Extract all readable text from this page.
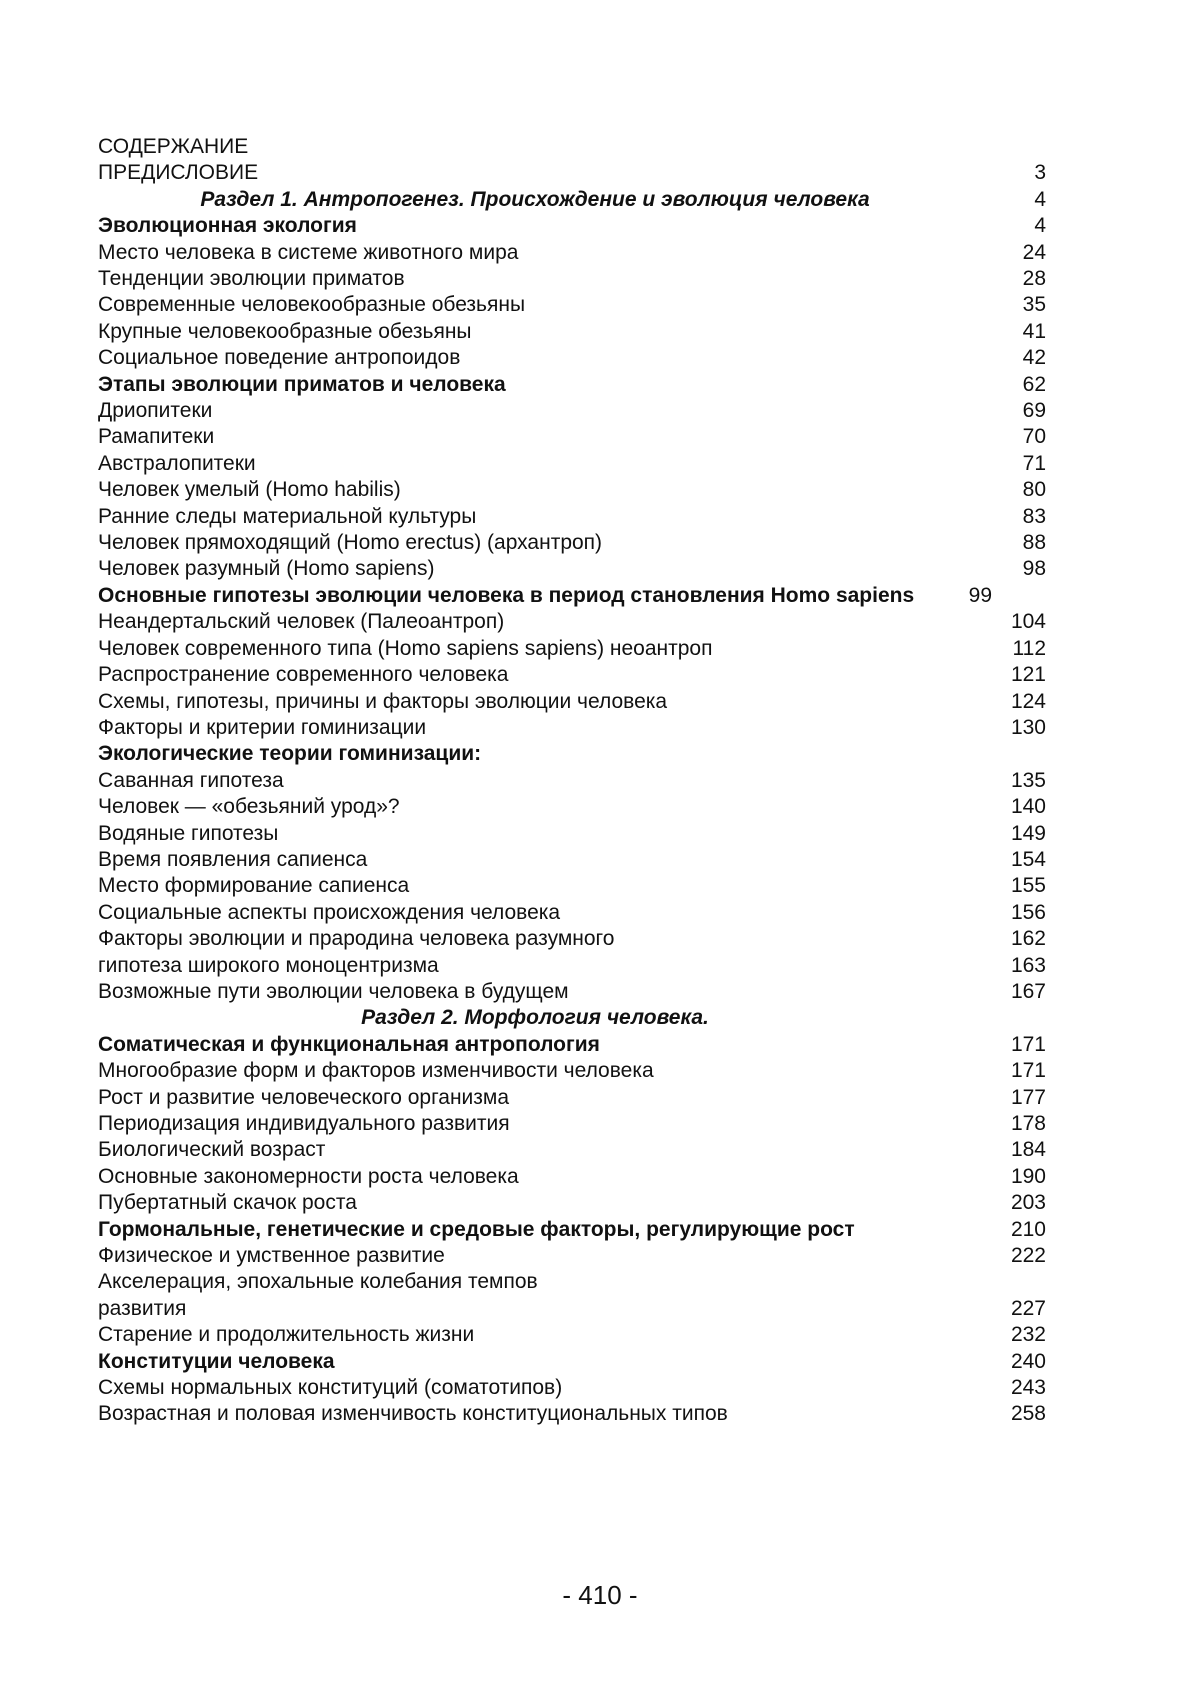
СОДЕРЖАНИЕ
ПРЕДИСЛОВИЕ	3
Раздел 1. Антропогенез. Происхождение и эволюция человека	4
Эволюционная экология	4
Место человека в системе животного мира	24
Тенденции эволюции приматов	28
Современные человекообразные обезьяны	35
Крупные человекообразные обезьяны	41
Социальное поведение антропоидов	42
Этапы эволюции приматов и человека	62
Дриопитеки	69
Рамапитеки	70
Австралопитеки	71
Человек умелый (Homo habilis)	80
Ранние следы материальной культуры	83
Человек прямоходящий (Homo erectus) (архантроп)	88
Человек разумный (Homo sapiens)	98
Основные гипотезы эволюции человека в период становления Homo sapiens	99
Неандертальский человек (Палеоантроп)	104
Человек современного типа (Homo sapiens sapiens) неоантроп	112
Распространение современного человека	121
Схемы, гипотезы, причины и факторы эволюции человека	124
Факторы и критерии гоминизации	130
Экологические теории гоминизации:
Саванная гипотеза	135
Человек — «обезьяний урод»?	140
Водяные гипотезы	149
Время появления сапиенса	154
Место формирование сапиенса	155
Социальные аспекты происхождения человека	156
Факторы эволюции и прародина человека разумного	162
гипотеза широкого моноцентризма	163
Возможные пути эволюции человека в будущем	167
Раздел 2. Морфология человека.
Соматическая и функциональная антропология	171
Многообразие форм и факторов изменчивости человека	171
Рост и развитие человеческого организма	177
Периодизация индивидуального развития	178
Биологический возраст	184
Основные закономерности роста человека	190
Пубертатный скачок роста	203
Гормональные, генетические и средовые факторы, регулирующие рост	210
Физическое и умственное развитие	222
Акселерация, эпохальные колебания темпов
развития	227
Старение и продолжительность жизни	232
Конституции человека	240
Схемы нормальных конституций (соматотипов)	243
Возрастная и половая изменчивость конституциональных типов	258
- 410 -
